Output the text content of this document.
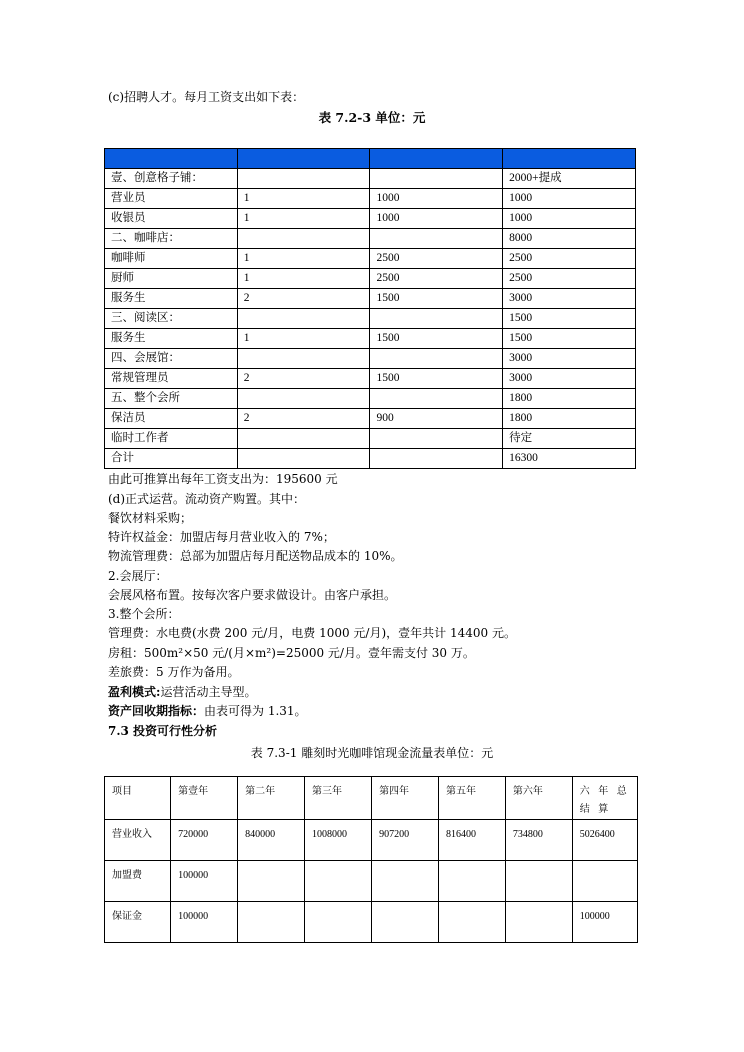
(c)招聘人才。每月工资支出如下表：
表 7.2-3 单位：元

壹、创意格子铺：			2000+提成
营业员	1	1000	1000
收银员	1	1000	1000
二、咖啡店：			8000
咖啡师	1	2500	2500
厨师	1	2500	2500
服务生	2	1500	3000
三、阅读区：			1500
服务生	1	1500	1500
四、会展馆：			3000
常规管理员	2	1500	3000
五、整个会所			1800
保洁员	2	900	1800
临时工作者			待定
合计			16300
由此可推算出每年工资支出为：195600 元
(d)正式运营。流动资产购置。其中：
餐饮材料采购；
特许权益金：加盟店每月营业收入的 7%；
物流管理费：总部为加盟店每月配送物品成本的 10%。
2.会展厅：
会展风格布置。按每次客户要求做设计。由客户承担。
3.整个会所：
管理费：水电费(水费 200 元/月，电费 1000 元/月)，壹年共计 14400 元。
房租：500m²×50 元/(月×m²)=25000 元/月。壹年需支付 30 万。
差旅费：5 万作为备用。
盈利模式:运营活动主导型。
资产回收期指标：由表可得为 1.31。
7.3 投资可行性分析
表 7.3-1 雕刻时光咖啡馆现金流量表单位：元
项目	第壹年	第二年	第三年	第四年	第五年	第六年	六 年 总 结 算
营业收入	720000	840000	1008000	907200	816400	734800	5026400
加盟费	100000						
保证金	100000						100000
